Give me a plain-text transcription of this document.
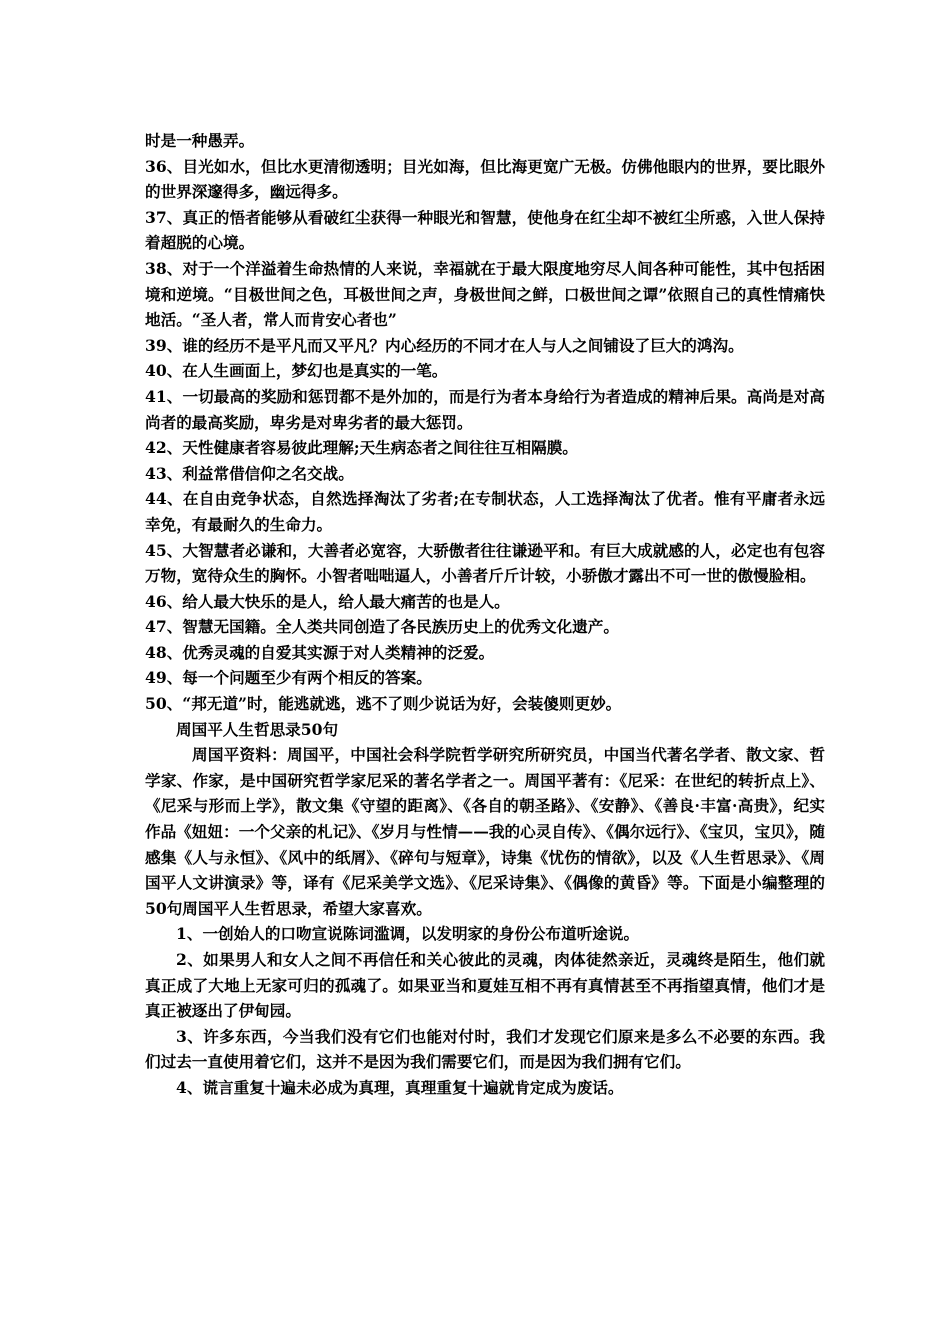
时是一种愚弄。

36、目光如水，但比水更清彻透明；目光如海，但比海更宽广无极。仿佛他眼内的世界，要比眼外的世界深邃得多，幽远得多。

37、真正的悟者能够从看破红尘获得一种眼光和智慧，使他身在红尘却不被红尘所惑，入世人保持着超脱的心境。

38、对于一个洋溢着生命热情的人来说，幸福就在于最大限度地穷尽人间各种可能性，其中包括困境和逆境。“目极世间之色，耳极世间之声，身极世间之鲜，口极世间之谭”依照自己的真性情痛快地活。“圣人者，常人而肯安心者也”

39、谁的经历不是平凡而又平凡？内心经历的不同才在人与人之间铺设了巨大的鸿沟。

40、在人生画面上，梦幻也是真实的一笔。

41、一切最高的奖励和惩罚都不是外加的，而是行为者本身给行为者造成的精神后果。高尚是对高尚者的最高奖励，卑劣是对卑劣者的最大惩罚。

42、天性健康者容易彼此理解;天生病态者之间往往互相隔膜。

43、利益常借信仰之名交战。

44、在自由竞争状态，自然选择淘汰了劣者;在专制状态，人工选择淘汰了优者。惟有平庸者永远幸免，有最耐久的生命力。

45、大智慧者必谦和，大善者必宽容，大骄傲者往往谦逊平和。有巨大成就感的人，必定也有包容万物，宽待众生的胸怀。小智者咄咄逼人，小善者斤斤计较，小骄傲才露出不可一世的傲慢脸相。

46、给人最大快乐的是人，给人最大痛苦的也是人。

47、智慧无国籍。全人类共同创造了各民族历史上的优秀文化遗产。

48、优秀灵魂的自爱其实源于对人类精神的泛爱。

49、每一个问题至少有两个相反的答案。

50、“邦无道”时，能逃就逃，逃不了则少说话为好，会装傻则更妙。

周国平人生哲思录50句

周国平资料：周国平，中国社会科学院哲学研究所研究员，中国当代著名学者、散文家、哲学家、作家，是中国研究哲学家尼采的著名学者之一。周国平著有：《尼采：在世纪的转折点上》、《尼采与形而上学》，散文集《守望的距离》、《各自的朝圣路》、《安静》、《善良·丰富·高贵》，纪实作品《妞妞：一个父亲的札记》、《岁月与性情——我的心灵自传》、《偶尔远行》、《宝贝，宝贝》，随感集《人与永恒》、《风中的纸屑》、《碎句与短章》，诗集《忧伤的情欲》，以及《人生哲思录》、《周国平人文讲演录》等，译有《尼采美学文选》、《尼采诗集》、《偶像的黄昏》等。下面是小编整理的50句周国平人生哲思录，希望大家喜欢。

1、一创始人的口吻宣说陈词滥调，以发明家的身份公布道听途说。

2、如果男人和女人之间不再信任和关心彼此的灵魂，肉体徒然亲近，灵魂终是陌生，他们就真正成了大地上无家可归的孤魂了。如果亚当和夏娃互相不再有真情甚至不再指望真情，他们才是真正被逐出了伊甸园。

3、许多东西，今当我们没有它们也能对付时，我们才发现它们原来是多么不必要的东西。我们过去一直使用着它们，这并不是因为我们需要它们，而是因为我们拥有它们。

4、谎言重复十遍未必成为真理，真理重复十遍就肯定成为废话。
